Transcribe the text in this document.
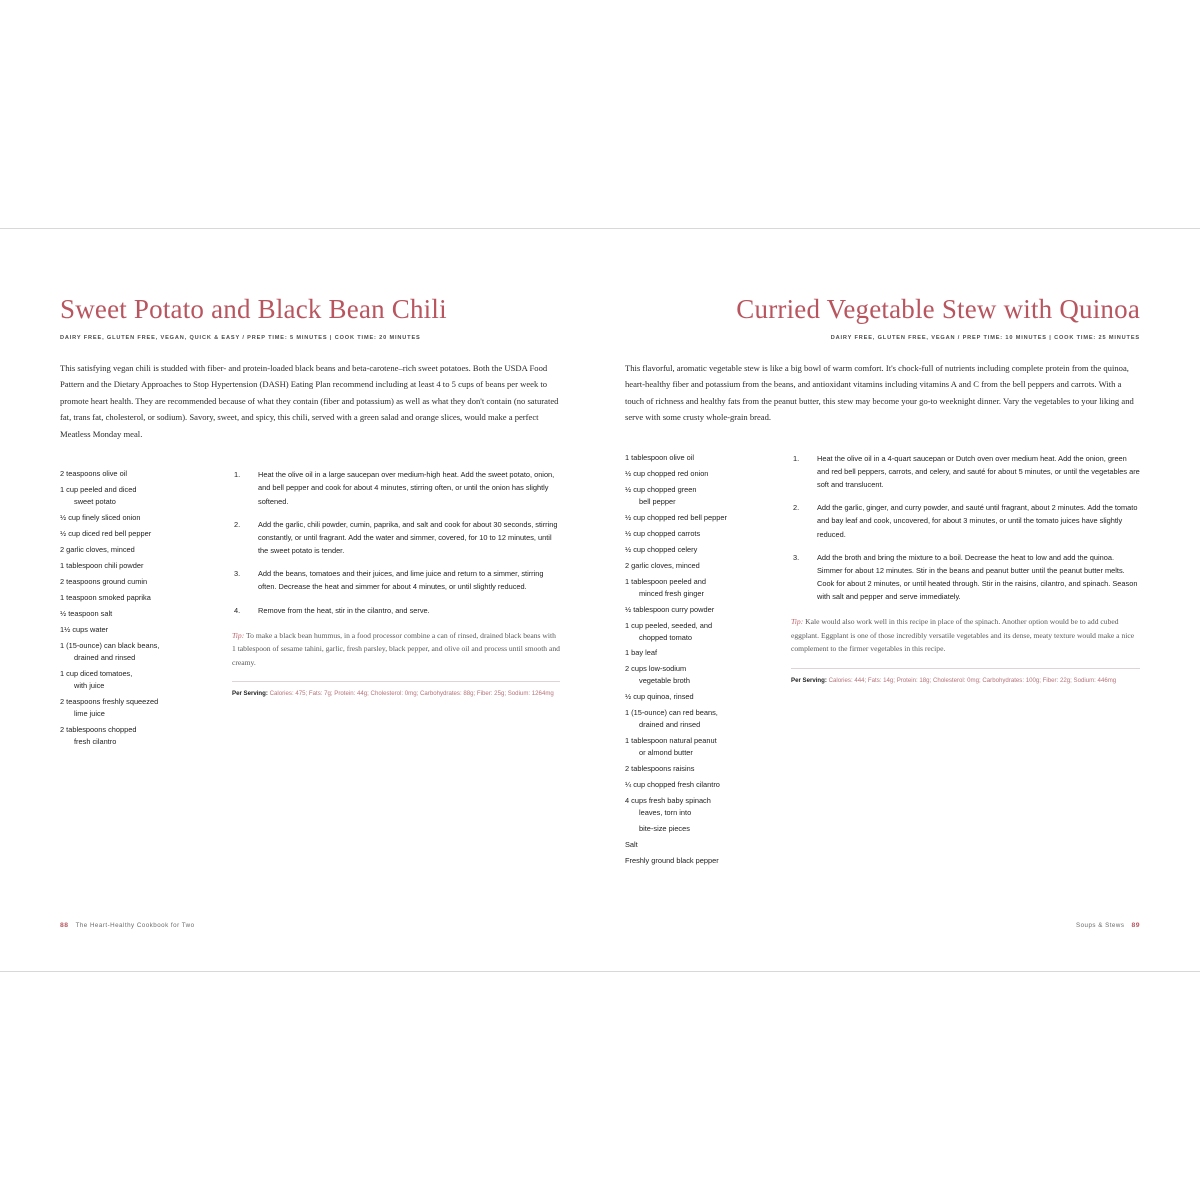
Sweet Potato and Black Bean Chili
DAIRY FREE, GLUTEN FREE, VEGAN, QUICK & EASY / PREP TIME: 5 MINUTES | COOK TIME: 20 MINUTES

This satisfying vegan chili is studded with fiber- and protein-loaded black beans and beta-carotene–rich sweet potatoes. Both the USDA Food Pattern and the Dietary Approaches to Stop Hypertension (DASH) Eating Plan recommend including at least 4 to 5 cups of beans per week to promote heart health. They are recommended because of what they contain (fiber and potassium) as well as what they don't contain (no saturated fat, trans fat, cholesterol, or sodium). Savory, sweet, and spicy, this chili, served with a green salad and orange slices, would make a perfect Meatless Monday meal.

2 teaspoons olive oil
1 cup peeled and diced
sweet potato
½ cup finely sliced onion
½ cup diced red bell pepper
2 garlic cloves, minced
1 tablespoon chili powder
2 teaspoons ground cumin
1 teaspoon smoked paprika
½ teaspoon salt
1½ cups water
1 (15-ounce) can black beans,
drained and rinsed
1 cup diced tomatoes,
with juice
2 teaspoons freshly squeezed
lime juice
2 tablespoons chopped
fresh cilantro
Heat the olive oil in a large saucepan over medium-high heat. Add the sweet potato, onion, and bell pepper and cook for about 4 minutes, stirring often, or until the onion has slightly softened.
Add the garlic, chili powder, cumin, paprika, and salt and cook for about 30 seconds, stirring constantly, or until fragrant. Add the water and simmer, covered, for 10 to 12 minutes, until the sweet potato is tender.
Add the beans, tomatoes and their juices, and lime juice and return to a simmer, stirring often. Decrease the heat and simmer for about 4 minutes, or until slightly reduced.
Remove from the heat, stir in the cilantro, and serve.

Tip: To make a black bean hummus, in a food processor combine a can of rinsed, drained black beans with 1 tablespoon of sesame tahini, garlic, fresh parsley, black pepper, and olive oil and process until smooth and creamy.

Per Serving: Calories: 475; Fats: 7g; Protein: 44g; Cholesterol: 0mg; Carbohydrates: 88g; Fiber: 25g; Sodium: 1264mg

88 The Heart-Healthy Cookbook for Two
Curried Vegetable Stew with Quinoa
DAIRY FREE, GLUTEN FREE, VEGAN / PREP TIME: 10 MINUTES | COOK TIME: 25 MINUTES

This flavorful, aromatic vegetable stew is like a big bowl of warm comfort. It's chock-full of nutrients including complete protein from the quinoa, heart-healthy fiber and potassium from the beans, and antioxidant vitamins including vitamins A and C from the bell peppers and carrots. With a touch of richness and healthy fats from the peanut butter, this stew may become your go-to weeknight dinner. Vary the vegetables to your liking and serve with some crusty whole-grain bread.

1 tablespoon olive oil
½ cup chopped red onion
½ cup chopped green
bell pepper
½ cup chopped red bell pepper
½ cup chopped carrots
½ cup chopped celery
2 garlic cloves, minced
1 tablespoon peeled and
minced fresh ginger
½ tablespoon curry powder
1 cup peeled, seeded, and
chopped tomato
1 bay leaf
2 cups low-sodium
vegetable broth
½ cup quinoa, rinsed
1 (15-ounce) can red beans,
drained and rinsed
1 tablespoon natural peanut
or almond butter
2 tablespoons raisins
¼ cup chopped fresh cilantro
4 cups fresh baby spinach
leaves, torn into
bite-size pieces
Salt
Freshly ground black pepper
Heat the olive oil in a 4-quart saucepan or Dutch oven over medium heat. Add the onion, green and red bell peppers, carrots, and celery, and sauté for about 5 minutes, or until the vegetables are soft and translucent.
Add the garlic, ginger, and curry powder, and sauté until fragrant, about 2 minutes. Add the tomato and bay leaf and cook, uncovered, for about 3 minutes, or until the tomato juices have slightly reduced.
Add the broth and bring the mixture to a boil. Decrease the heat to low and add the quinoa. Simmer for about 12 minutes. Stir in the beans and peanut butter until the peanut butter melts. Cook for about 2 minutes, or until heated through. Stir in the raisins, cilantro, and spinach. Season with salt and pepper and serve immediately.

Tip: Kale would also work well in this recipe in place of the spinach. Another option would be to add cubed eggplant. Eggplant is one of those incredibly versatile vegetables and its dense, meaty texture would make a nice complement to the firmer vegetables in this recipe.

Per Serving: Calories: 444; Fats: 14g; Protein: 18g; Cholesterol: 0mg; Carbohydrates: 100g; Fiber: 22g; Sodium: 446mg

Soups & Stews 89
